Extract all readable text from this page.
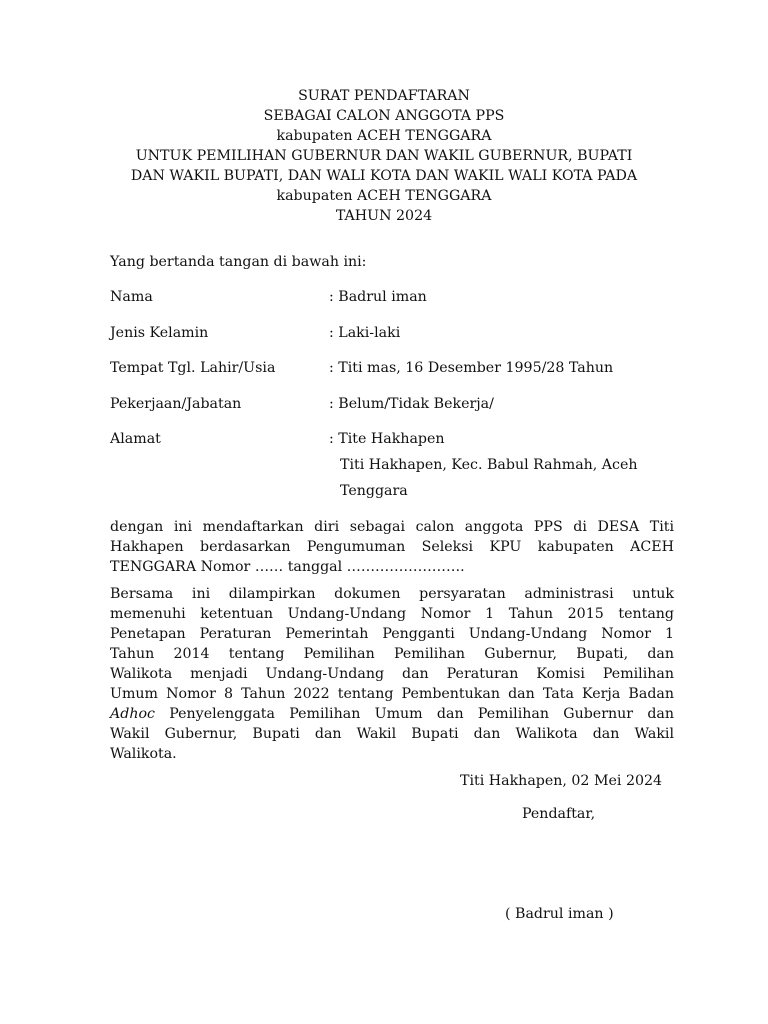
SURAT PENDAFTARAN
SEBAGAI CALON ANGGOTA PPS
kabupaten ACEH TENGGARA
UNTUK PEMILIHAN GUBERNUR DAN WAKIL GUBERNUR, BUPATI
DAN WAKIL BUPATI, DAN WALI KOTA DAN WAKIL WALI KOTA PADA
kabupaten ACEH TENGGARA
TAHUN 2024
Yang bertanda tangan di bawah ini:
Nama	: Badrul iman
Jenis Kelamin	: Laki-laki
Tempat Tgl. Lahir/Usia	: Titi mas, 16 Desember 1995/28 Tahun
Pekerjaan/Jabatan	: Belum/Tidak Bekerja/
Alamat	: Tite Hakhapen
Titi Hakhapen, Kec. Babul Rahmah, Aceh
Tenggara
dengan ini mendaftarkan diri sebagai calon anggota PPS di DESA Titi
Hakhapen berdasarkan Pengumuman Seleksi KPU kabupaten ACEH
TENGGARA Nomor …… tanggal …………………….
Bersama ini dilampirkan dokumen persyaratan administrasi untuk
memenuhi ketentuan Undang-Undang Nomor 1 Tahun 2015 tentang
Penetapan Peraturan Pemerintah Pengganti Undang-Undang Nomor 1
Tahun 2014 tentang Pemilihan Pemilihan Gubernur, Bupati, dan
Walikota menjadi Undang-Undang dan Peraturan Komisi Pemilihan
Umum Nomor 8 Tahun 2022 tentang Pembentukan dan Tata Kerja Badan
Adhoc Penyelenggata Pemilihan Umum dan Pemilihan Gubernur dan
Wakil Gubernur, Bupati dan Wakil Bupati dan Walikota dan Wakil
Walikota.
Titi Hakhapen, 02 Mei 2024
Pendaftar,
( Badrul iman )
